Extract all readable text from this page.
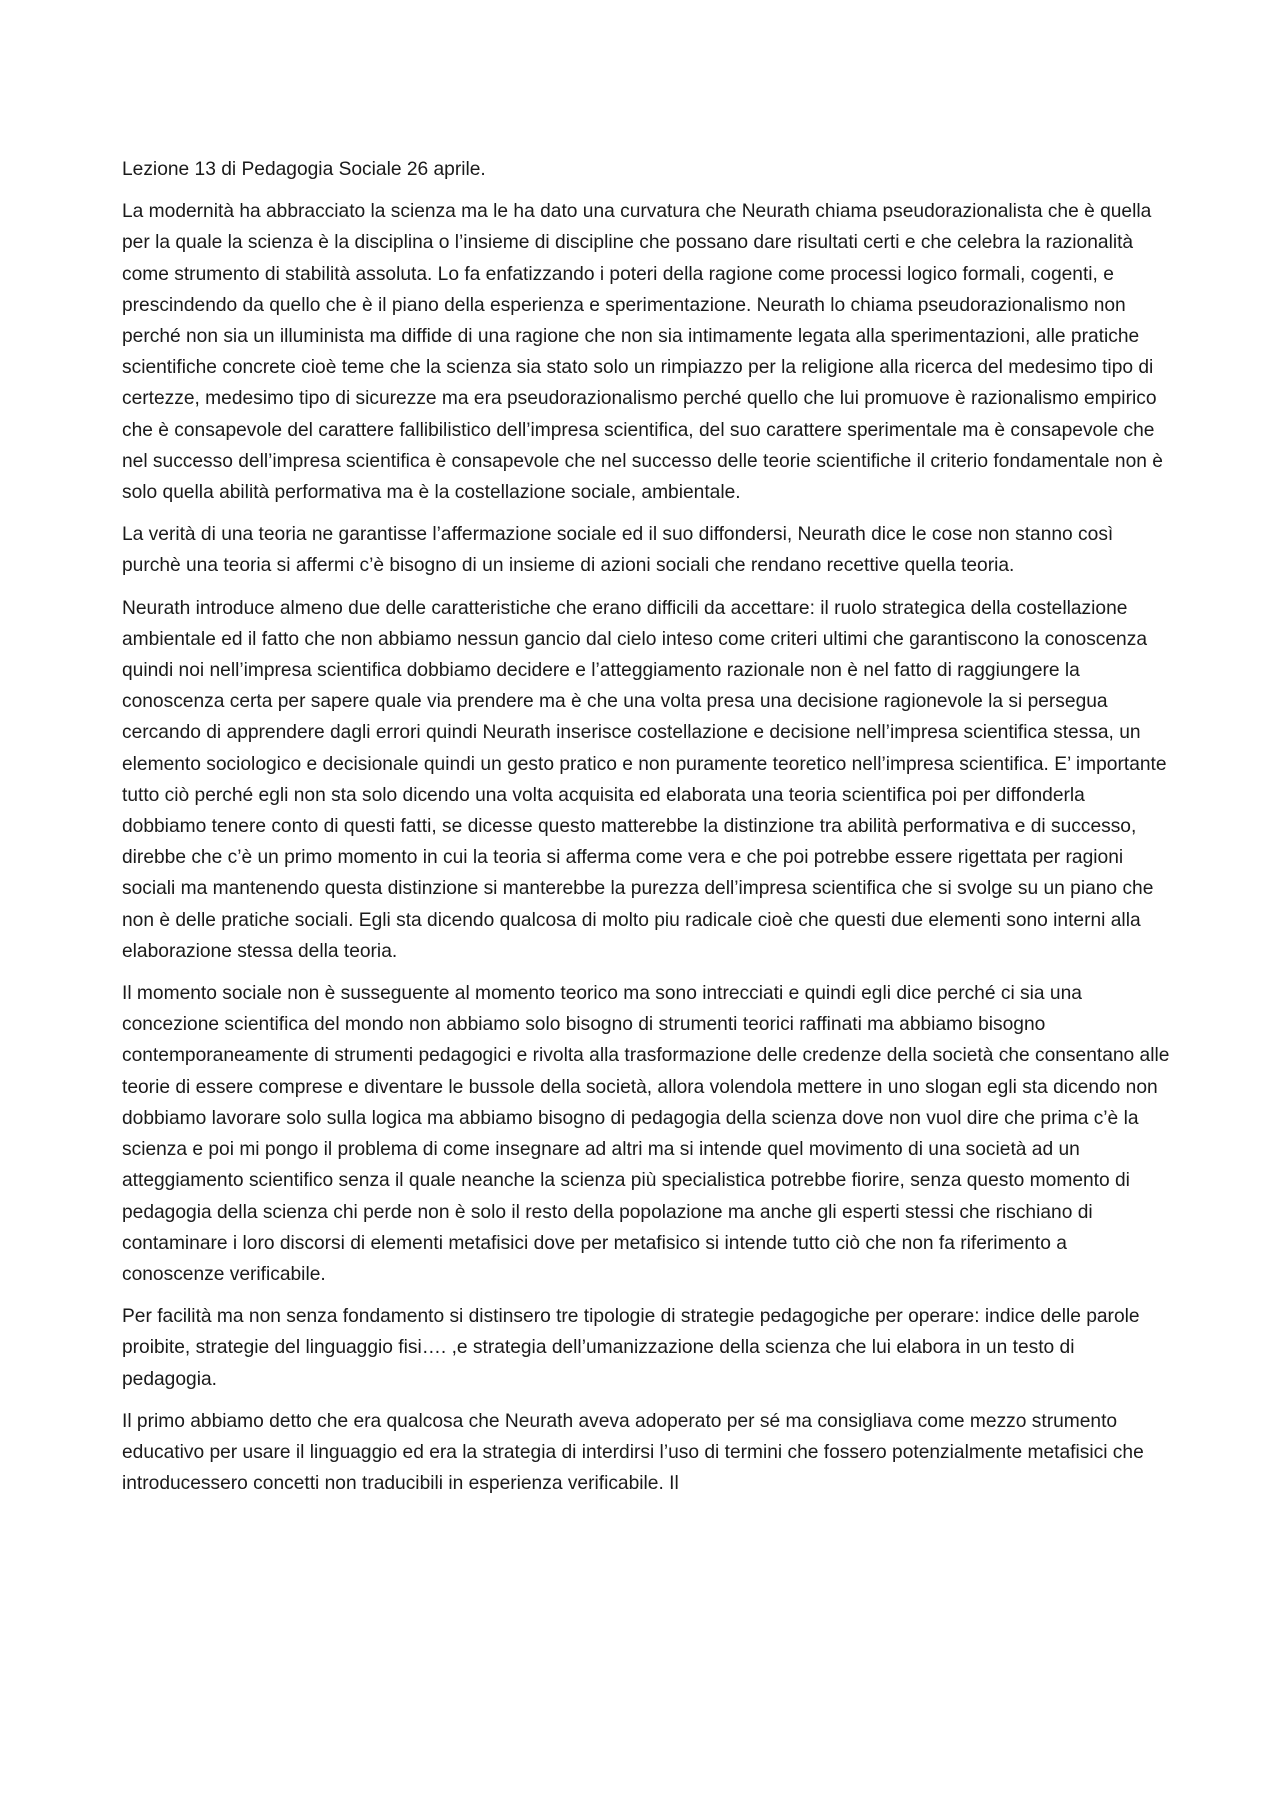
Lezione 13 di Pedagogia Sociale 26 aprile.

La modernità ha abbracciato la scienza ma le ha dato una curvatura che Neurath chiama pseudorazionalista che è quella per la quale la scienza è la disciplina o l’insieme di discipline che possano dare risultati certi e che celebra la razionalità come strumento di stabilità assoluta. Lo fa enfatizzando i poteri della ragione come processi logico formali, cogenti, e prescindendo da quello che è il piano della esperienza e sperimentazione. Neurath lo chiama pseudorazionalismo non perché non sia un illuminista ma diffide di una ragione che non sia intimamente legata alla sperimentazioni, alle pratiche scientifiche concrete cioè teme che la scienza sia stato solo un rimpiazzo per la religione alla ricerca del medesimo tipo di certezze, medesimo tipo di sicurezze ma era pseudorazionalismo perché quello che lui promuove è razionalismo empirico che è consapevole del carattere fallibilistico dell’impresa scientifica, del suo carattere sperimentale ma è consapevole che nel successo dell’impresa scientifica è consapevole che nel successo delle teorie scientifiche il criterio fondamentale non è solo quella abilità performativa ma è la costellazione sociale, ambientale.

La verità di una teoria ne garantisse l’affermazione sociale ed il suo diffondersi, Neurath dice le cose non stanno così purchè una teoria si affermi c’è bisogno di un insieme di azioni sociali che rendano recettive quella teoria.

Neurath introduce almeno due delle caratteristiche che erano difficili da accettare: il ruolo strategica della costellazione ambientale ed il fatto che non abbiamo nessun gancio dal cielo inteso come criteri ultimi che garantiscono la conoscenza quindi noi nell’impresa scientifica dobbiamo decidere e l’atteggiamento razionale non è nel fatto di raggiungere la conoscenza certa per sapere quale via prendere ma è che una volta presa una decisione ragionevole la si persegua cercando di apprendere dagli errori quindi Neurath inserisce costellazione e decisione nell’impresa scientifica stessa, un elemento sociologico e decisionale quindi un gesto pratico e non puramente teoretico nell’impresa scientifica. E’ importante tutto ciò perché egli non sta solo dicendo una volta acquisita ed elaborata una teoria scientifica poi per diffonderla dobbiamo tenere conto di questi fatti, se dicesse questo matterebbe la distinzione tra abilità performativa e di successo, direbbe che c’è un primo momento in cui la teoria si afferma come vera e che poi potrebbe essere rigettata per ragioni sociali ma mantenendo questa distinzione si manterebbe la purezza dell’impresa scientifica che si svolge su un piano che non è delle pratiche sociali. Egli sta dicendo qualcosa di molto piu radicale cioè che questi due elementi sono interni alla elaborazione stessa della teoria.

Il momento sociale non è susseguente al momento teorico ma sono intrecciati e quindi egli dice perché ci sia una concezione scientifica del mondo non abbiamo solo bisogno di strumenti teorici raffinati ma abbiamo bisogno contemporaneamente di strumenti pedagogici e rivolta alla trasformazione delle credenze della società che consentano alle teorie di essere comprese e diventare le bussole della società, allora volendola mettere in uno slogan egli sta dicendo non dobbiamo lavorare solo sulla logica ma abbiamo bisogno di pedagogia della scienza dove non vuol dire che prima c’è la scienza e poi mi pongo il problema di come insegnare ad altri ma si intende quel movimento di una società ad un atteggiamento scientifico senza il quale neanche la scienza più specialistica potrebbe fiorire, senza questo momento di pedagogia della scienza chi perde non è solo il resto della popolazione ma anche gli esperti stessi che rischiano di contaminare i loro discorsi di elementi metafisici dove per metafisico si intende tutto ciò che non fa riferimento a conoscenze verificabile.

Per facilità ma non senza fondamento si distinsero tre tipologie di strategie pedagogiche per operare: indice delle parole proibite, strategie del linguaggio fisi…. ,e strategia dell’umanizzazione della scienza che lui elabora in un testo di pedagogia.

Il primo abbiamo detto che era qualcosa che Neurath aveva adoperato per sé ma consigliava come mezzo strumento educativo per usare il linguaggio ed era la strategia di interdirsi l’uso di termini che fossero potenzialmente metafisici che introducessero concetti non traducibili in esperienza verificabile. Il
